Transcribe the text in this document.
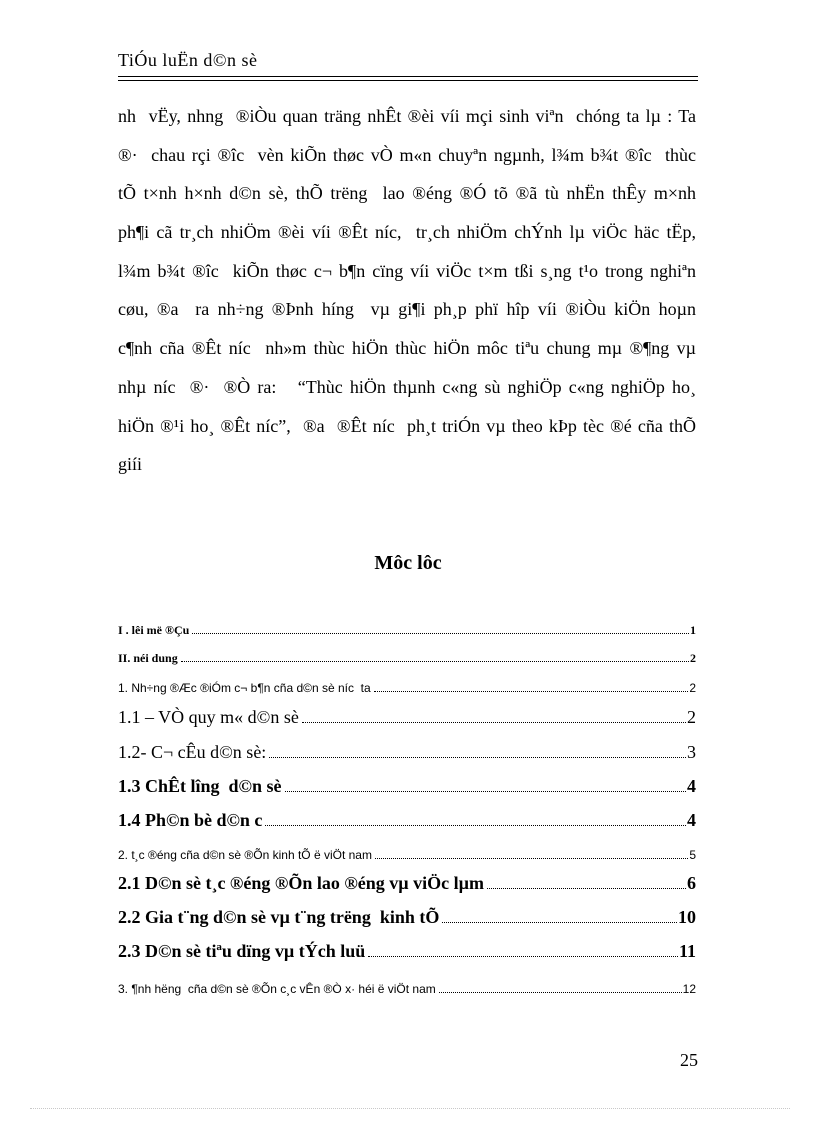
TiÓu luËn d©n sè
nh  vËy, nhng  ®iÒu quan träng nhÊt ®èi víi mçi sinh viªn  chóng ta lµ : Ta
®·  chau rçi ®îc  vèn kiÕn thøc vÒ m«n chuyªn ngµnh, l¾m b¾t ®îc  thùc
tÕ t×nh h×nh d©n sè, thÕ trëng  lao ®éng ®Ó tõ ®ã tù nhËn thÊy m×nh
ph¶i cã tr¸ch nhiÖm ®èi víi ®Êt níc,  tr¸ch nhiÖm chÝnh lµ viÖc häc tËp,
l¾m b¾t ®îc  kiÕn thøc c¬ b¶n cïng víi viÖc t×m tßi s¸ng t¹o trong nghiªn
cøu, ®a  ra nh÷ng ®Þnh híng  vµ gi¶i ph¸p phï hîp víi ®iÒu kiÖn hoµn
c¶nh cña ®Êt níc  nh»m thùc hiÖn thùc hiÖn môc tiªu chung mµ ®¶ng vµ
nhµ níc  ®·  ®Ò ra:   “Thùc hiÖn thµnh c«ng sù nghiÖp c«ng nghiÖp ho¸
hiÖn ®¹i ho¸ ®Êt níc”,  ®a  ®Êt níc  ph¸t triÓn vµ theo kÞp tèc ®é cña thÕ
giíi
Môc lôc
I . lêi më ®Çu	1
II. néi dung	2
1. Nh÷ng ®Æc ®iÓm c¬ b¶n cña d©n sè níc  ta	2
1.1 – VÒ quy m« d©n sè	2
1.2- C¬ cÊu d©n sè:	3
1.3 ChÊt lîng  d©n sè	4
1.4 Ph©n bè d©n c	4
2. t¸c ®éng cña d©n sè ®Õn kinh tÕ ë viÖt nam	5
2.1 D©n sè t¸c ®éng ®Õn lao ®éng vµ viÖc lµm	6
2.2 Gia t¨ng d©n sè vµ t¨ng trëng  kinh tÕ	10
2.3 D©n sè tiªu dïng vµ tÝch luü	11
3. ¶nh hëng  cña d©n sè ®Õn c¸c vÊn ®Ò x· héi ë viÖt nam	12
25
